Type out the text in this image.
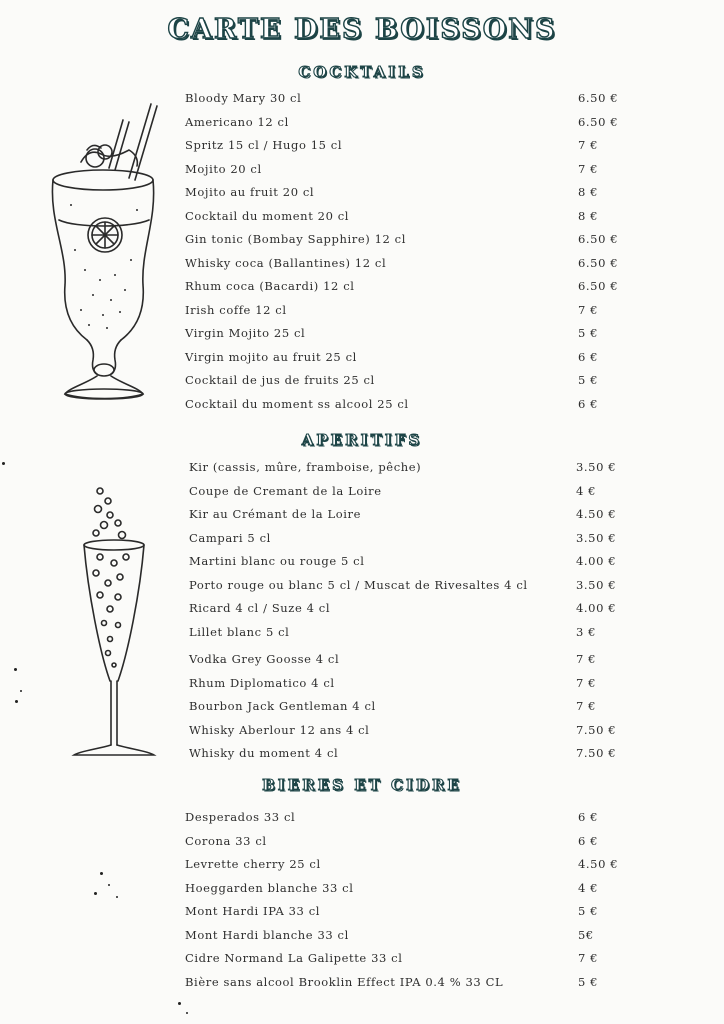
CARTE DES BOISSONS
COCKTAILS
Bloody Mary 30 cl	6.50 €
Americano 12 cl	6.50 €
Spritz 15 cl / Hugo 15 cl	7 €
Mojito 20 cl	7 €
Mojito au fruit 20 cl	8 €
Cocktail du moment 20 cl	8 €
Gin tonic (Bombay Sapphire) 12 cl	6.50 €
Whisky coca (Ballantines) 12 cl	6.50 €
Rhum coca (Bacardi) 12 cl	6.50 €
Irish coffe 12 cl	7 €
Virgin Mojito 25 cl	5 €
Virgin mojito au fruit 25 cl	6 €
Cocktail de jus de fruits 25 cl	5 €
Cocktail du moment ss alcool 25 cl	6 €
APERITIFS
Kir (cassis, mûre, framboise, pêche)	3.50 €
Coupe de Cremant de la Loire	4 €
Kir au Crémant de la Loire	4.50 €
Campari 5 cl	3.50 €
Martini blanc ou rouge 5 cl	4.00 €
Porto rouge ou blanc 5 cl / Muscat de Rivesaltes 4 cl	3.50 €
Ricard 4 cl / Suze 4 cl	4.00 €
Lillet blanc 5 cl	3 €
Vodka Grey Goosse 4 cl	7 €
Rhum Diplomatico 4 cl	7 €
Bourbon Jack Gentleman 4 cl	7 €
Whisky Aberlour 12 ans 4 cl	7.50 €
Whisky du moment 4 cl	7.50 €
BIERES ET CIDRE
Desperados 33 cl	6 €
Corona 33 cl	6 €
Levrette cherry 25 cl	4.50 €
Hoeggarden blanche 33 cl	4 €
Mont Hardi IPA 33 cl	5 €
Mont Hardi blanche 33 cl	5€
Cidre Normand La Galipette 33 cl	7 €
Bière sans alcool Brooklin Effect IPA 0.4 % 33 CL	5 €
